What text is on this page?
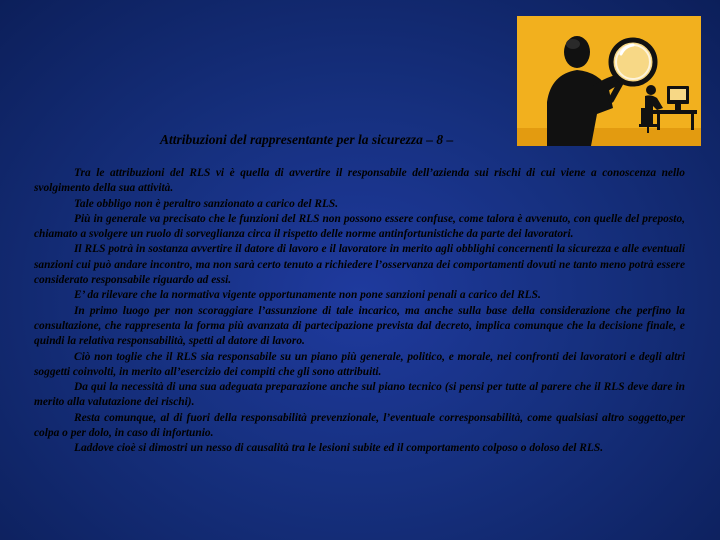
Attribuzioni del rappresentante per la sicurezza – 8 –

Tra le attribuzioni del RLS vi è quella di avvertire il responsabile dell’azienda sui rischi di cui viene a conoscenza nello svolgimento della sua attività.

Tale obbligo non è peraltro sanzionato a carico del RLS.

Più in generale va precisato che le funzioni del RLS non possono essere confuse, come talora è avvenuto, con quelle del preposto, chiamato a svolgere un ruolo di sorveglianza circa il rispetto delle norme antinfortunistiche da parte dei lavoratori.

Il RLS potrà in sostanza avvertire il datore di lavoro e il lavoratore in merito agli obblighi concernenti la sicurezza e alle eventuali sanzioni cui può andare incontro, ma non sarà certo tenuto a richiedere l’osservanza dei comportamenti dovuti ne tanto meno potrà essere considerato responsabile riguardo ad essi.

E’ da rilevare che la normativa vigente opportunamente non pone sanzioni penali a carico del RLS.

In primo luogo per non scoraggiare l’assunzione di tale incarico, ma anche sulla base della considerazione che perfino la consultazione, che rappresenta la forma più avanzata di partecipazione prevista dal decreto, implica comunque che la decisione finale, e quindi la relativa responsabilità, spetti al datore di lavoro.

Ciò non toglie che il RLS sia responsabile su un piano più generale, politico, e morale, nei confronti dei lavoratori e degli altri soggetti coinvolti, in merito all’esercizio dei compiti che gli sono attribuiti.

Da qui la necessità di una sua adeguata preparazione anche sul piano tecnico (si pensi per tutte al parere che il RLS deve dare in merito alla valutazione dei rischi).

Resta comunque, al di fuori della responsabilità prevenzionale, l’eventuale corresponsabilità, come qualsiasi altro soggetto,per colpa o per dolo, in caso di infortunio.

Laddove cioè si dimostri un nesso di causalità tra le lesioni subite ed il comportamento colposo o doloso del RLS.
